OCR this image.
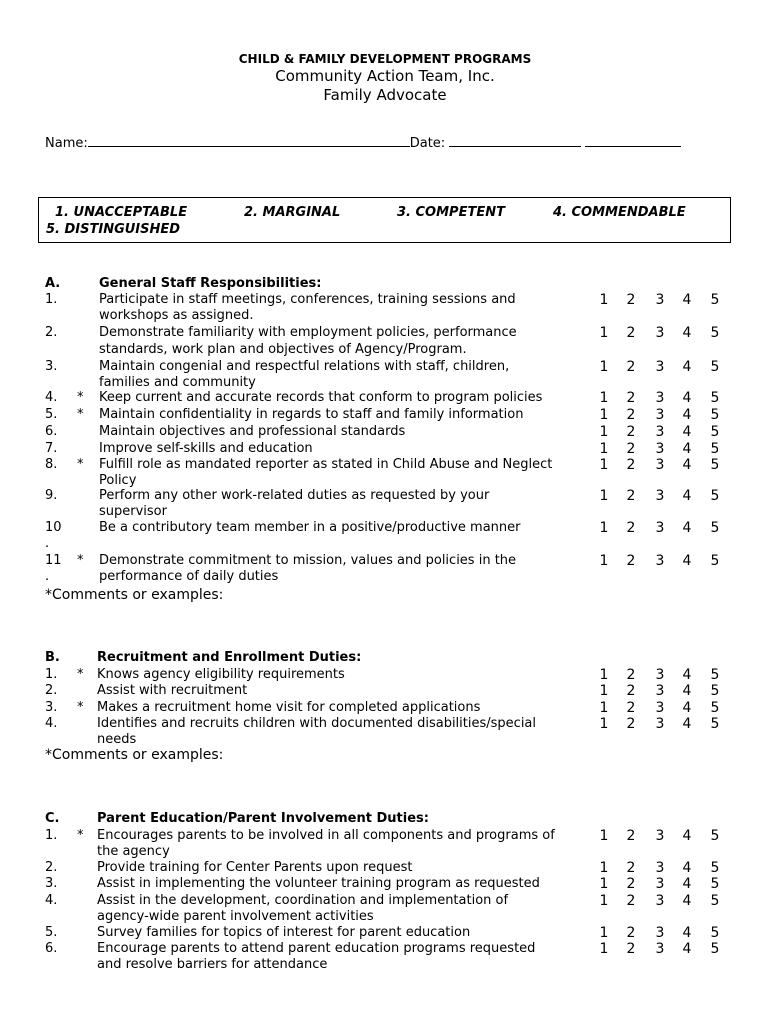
CHILD & FAMILY DEVELOPMENT PROGRAMS
Community Action Team, Inc.
Family Advocate
Name:	Date:
1. UNACCEPTABLE	2. MARGINAL	3. COMPETENT	4. COMMENDABLE
5. DISTINGUISHED
A.	General Staff Responsibilities:
1.	Participate in staff meetings, conferences, training sessions and
workshops as assigned.
1 2 3 4 5
2.	Demonstrate familiarity with employment policies, performance
standards, work plan and objectives of Agency/Program.
1 2 3 4 5
3.	Maintain congenial and respectful relations with staff, children,
families and community
1 2 3 4 5
4. * Keep current and accurate records that conform to program policies	1 2 3 4 5
5. * Maintain confidentiality in regards to staff and family information	1 2 3 4 5
6.	Maintain objectives and professional standards	1 2 3 4 5
7.	Improve self-skills and education	1 2 3 4 5
8. * Fulfill role as mandated reporter as stated in Child Abuse and Neglect
Policy
1 2 3 4 5
9.	Perform any other work-related duties as requested by your
supervisor
1 2 3 4 5
10
.
Be a contributory team member in a positive/productive manner	1 2 3 4 5
11
.
* Demonstrate commitment to mission, values and policies in the
performance of daily duties
1 2 3 4 5
*Comments or examples:
B.	Recruitment and Enrollment Duties:
1. * Knows agency eligibility requirements	1 2 3 4 5
2.	Assist with recruitment	1 2 3 4 5
3. * Makes a recruitment home visit for completed applications	1 2 3 4 5
4.	Identifies and recruits children with documented disabilities/special
needs
1 2 3 4 5
*Comments or examples:
C.	Parent Education/Parent Involvement Duties:
1. * Encourages parents to be involved in all components and programs of
the agency
1 2 3 4 5
2.	Provide training for Center Parents upon request	1 2 3 4 5
3.	Assist in implementing the volunteer training program as requested	1 2 3 4 5
4.	Assist in the development, coordination and implementation of
agency-wide parent involvement activities
1 2 3 4 5
5.	Survey families for topics of interest for parent education	1 2 3 4 5
6.	Encourage parents to attend parent education programs requested
and resolve barriers for attendance
1 2 3 4 5
